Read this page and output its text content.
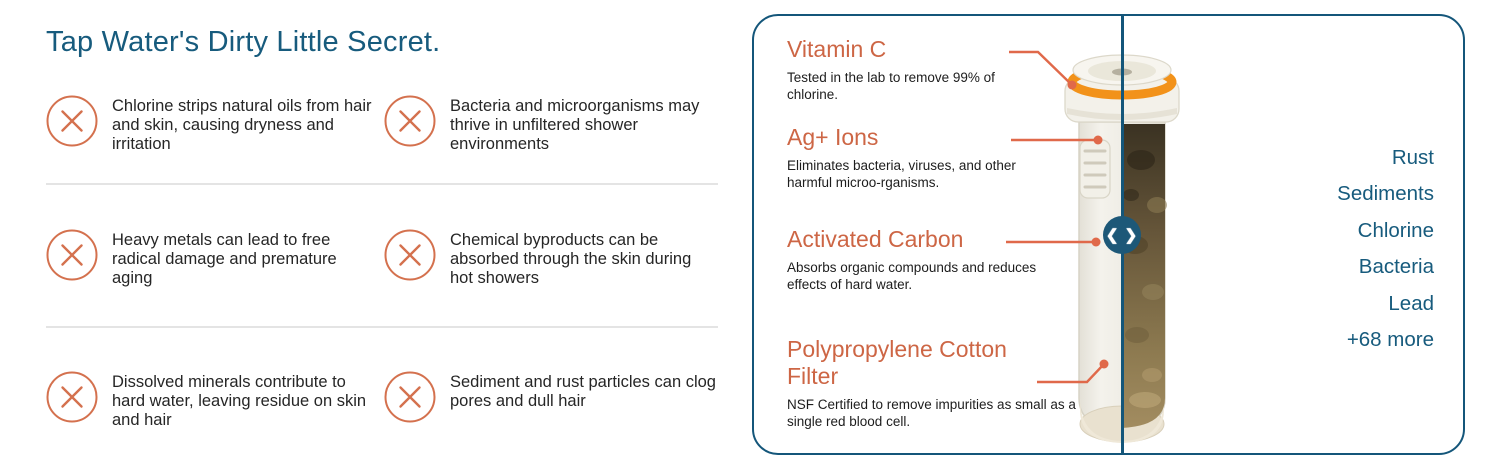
Tap Water's Dirty Little Secret.

Chlorine strips natural oils from hair and skin, causing dryness and irritation

Bacteria and microorganisms may thrive in unfiltered shower environments

Heavy metals can lead to free radical damage and premature aging

Chemical byproducts can be absorbed through the skin during hot showers

Dissolved minerals contribute to hard water, leaving residue on skin and hair

Sediment and rust particles can clog pores and dull hair

❮ ❯
Vitamin C
Tested in the lab to remove 99% of chlorine.
Ag+ Ions
Eliminates bacteria, viruses, and other harmful microo-rganisms.
Activated Carbon
Absorbs organic compounds and reduces effects of hard water.
Polypropylene Cotton Filter
NSF Certified to remove impurities as small as a single red blood cell.
Rust
Sediments
Chlorine
Bacteria
Lead
+68 more
